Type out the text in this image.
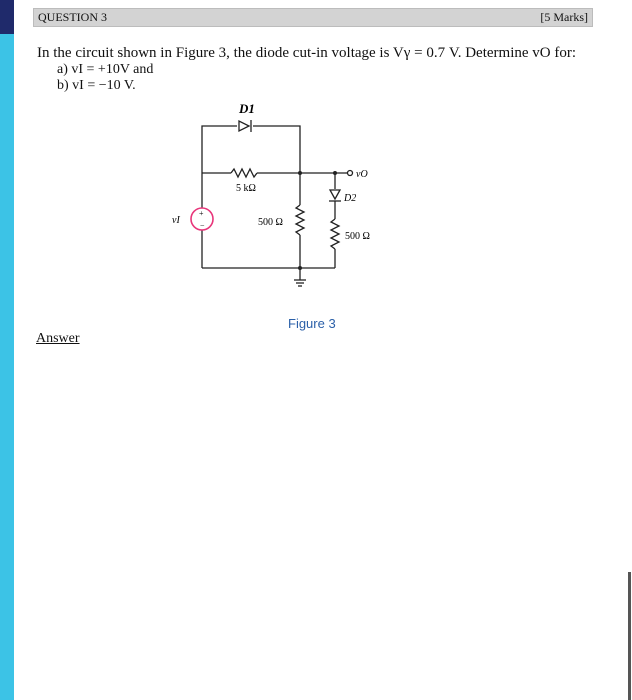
QUESTION 3	[5 Marks]
In the circuit shown in Figure 3, the diode cut-in voltage is Vγ = 0.7 V. Determine vO for:
a) vI = +10V and
b) vI = −10 V.
D1
D2
5 kΩ
500 Ω
500 Ω
vI
vO
+
−
Figure 3
Answer
